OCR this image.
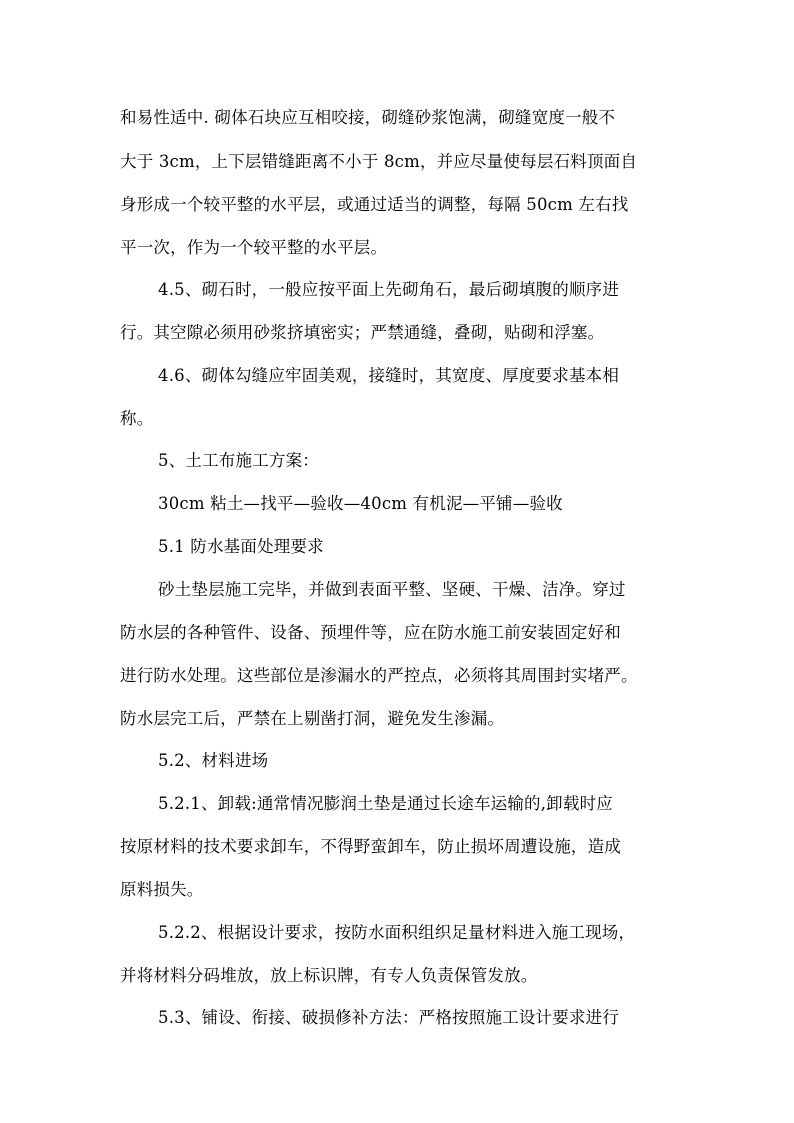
和易性适中. 砌体石块应互相咬接，砌缝砂浆饱满，砌缝宽度一般不
大于 3cm，上下层错缝距离不小于 8cm，并应尽量使每层石料顶面自
身形成一个较平整的水平层，或通过适当的调整，每隔 50cm 左右找
平一次，作为一个较平整的水平层。
4.5、砌石时，一般应按平面上先砌角石，最后砌填腹的顺序进
行。其空隙必须用砂浆挤填密实；严禁通缝，叠砌，贴砌和浮塞。
4.6、砌体勾缝应牢固美观，接缝时，其宽度、厚度要求基本相
称。
5、土工布施工方案：
30cm 粘土—找平—验收—40cm 有机泥—平铺—验收
5.1 防水基面处理要求
砂土垫层施工完毕，并做到表面平整、坚硬、干燥、洁净。穿过
防水层的各种管件、设备、预埋件等，应在防水施工前安装固定好和
进行防水处理。这些部位是渗漏水的严控点，必须将其周围封实堵严。
防水层完工后，严禁在上剔凿打洞，避免发生渗漏。
5.2、材料进场
5.2.1、卸载:通常情况膨润土垫是通过长途车运输的,卸载时应
按原材料的技术要求卸车，不得野蛮卸车，防止损坏周遭设施，造成
原料损失。
5.2.2、根据设计要求，按防水面积组织足量材料进入施工现场，
并将材料分码堆放，放上标识牌，有专人负责保管发放。
5.3、铺设、衔接、破损修补方法：严格按照施工设计要求进行
